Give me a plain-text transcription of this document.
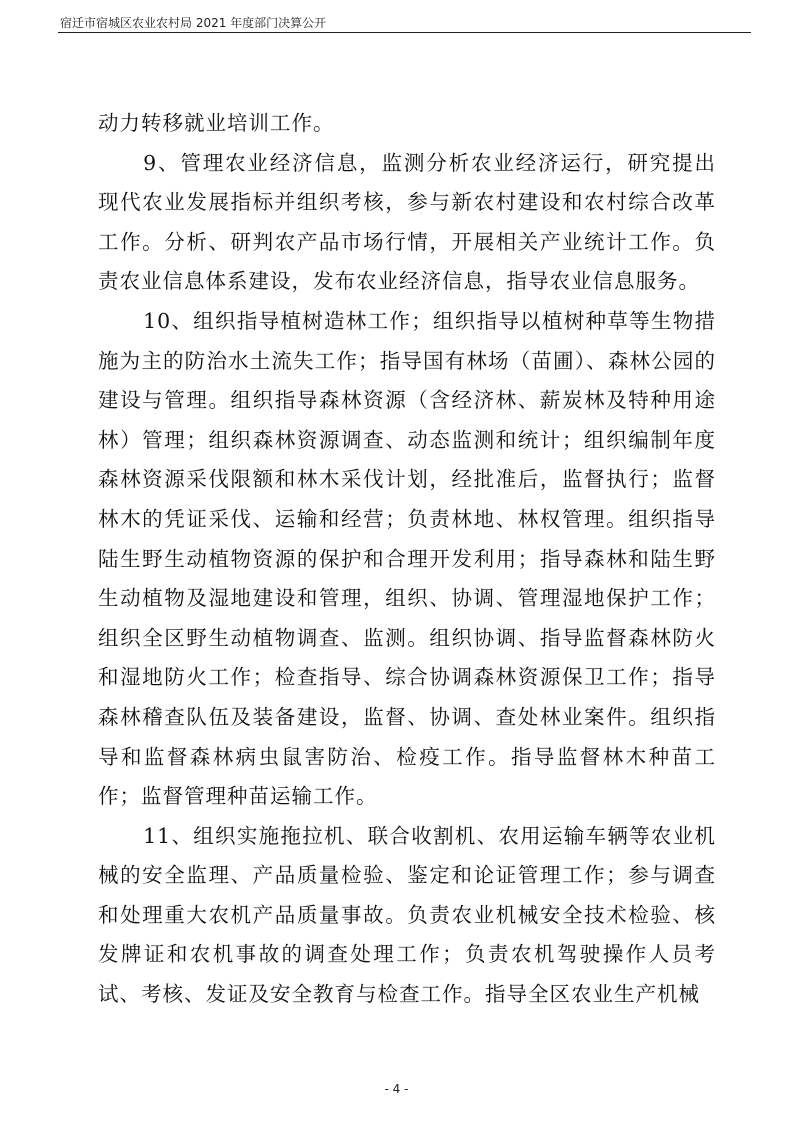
宿迁市宿城区农业农村局 2021 年度部门决算公开

动力转移就业培训工作。

9、管理农业经济信息，监测分析农业经济运行，研究提出现代农业发展指标并组织考核，参与新农村建设和农村综合改革工作。分析、研判农产品市场行情，开展相关产业统计工作。负责农业信息体系建设，发布农业经济信息，指导农业信息服务。

10、组织指导植树造林工作；组织指导以植树种草等生物措施为主的防治水土流失工作；指导国有林场（苗圃）、森林公园的建设与管理。组织指导森林资源（含经济林、薪炭林及特种用途林）管理；组织森林资源调查、动态监测和统计；组织编制年度森林资源采伐限额和林木采伐计划，经批准后，监督执行；监督林木的凭证采伐、运输和经营；负责林地、林权管理。组织指导陆生野生动植物资源的保护和合理开发利用；指导森林和陆生野生动植物及湿地建设和管理，组织、协调、管理湿地保护工作；组织全区野生动植物调查、监测。组织协调、指导监督森林防火和湿地防火工作；检查指导、综合协调森林资源保卫工作；指导森林稽查队伍及装备建设，监督、协调、查处林业案件。组织指导和监督森林病虫鼠害防治、检疫工作。指导监督林木种苗工作；监督管理种苗运输工作。

11、组织实施拖拉机、联合收割机、农用运输车辆等农业机械的安全监理、产品质量检验、鉴定和论证管理工作；参与调查和处理重大农机产品质量事故。负责农业机械安全技术检验、核发牌证和农机事故的调查处理工作；负责农机驾驶操作人员考试、考核、发证及安全教育与检查工作。指导全区农业生产机械

- 4 -
